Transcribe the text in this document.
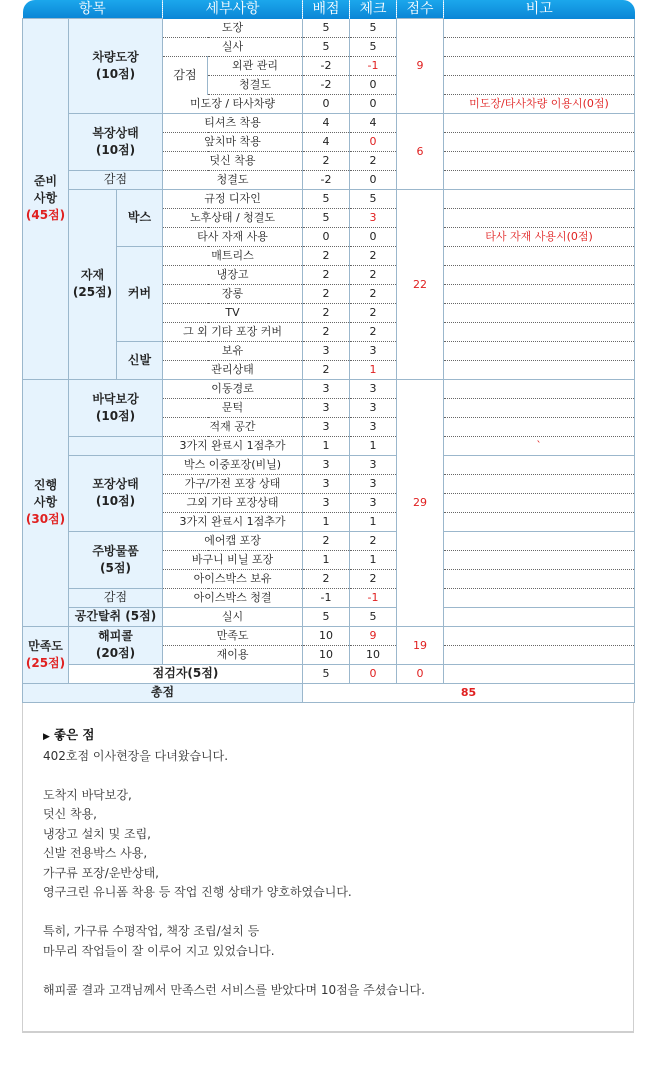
항목			세부사항		배점	체크	점수	비고
준비
사항
(45점)	차량도장
(10점)		도장		5	5	9	
			실사		5	5		
			감점	외관 관리	-2	-1		
				청결도	-2	0		
			미도장 / 타사차량		0	0		미도장/타사차량 이용시(0점)
	복장상태
(10점)		티셔츠 착용		4	4	6	
			앞치마 착용		4	0		
			덧신 착용		2	2		
	감점		청결도		-2	0		
	자재
(25점)	박스	규정 디자인		5	5	22	
			노후상태 / 청결도		5	3		
			타사 자재 사용		0	0		타사 자재 사용시(0점)
		커버	매트리스		2	2		
			냉장고		2	2		
			장롱		2	2		
			TV		2	2		
			그 외 기타 포장 커버		2	2		
		신발	보유		3	3		
			관리상태		2	1		
진행
사항
(30점)	바닥보강
(10점)		이동경로		3	3	29	
			문턱		3	3		
			적재 공간		3	3		
			3가지 완료시 1점추가		1	1		`
	포장상태
(10점)		박스 이중포장(비닐)		3	3		
			가구/가전 포장 상태		3	3		
			그외 기타 포장상태		3	3		
			3가지 완료시 1점추가		1	1		
	주방물품
(5점)		에어캡 포장		2	2		
			바구니 비닐 포장		1	1		
			아이스박스 보유		2	2		
	감점		아이스박스 청결		-1	-1		
	공간탈취 (5점)		실시		5	5		
만족도
(25점)	해피콜
(20점)		만족도		10	9	19	
			재이용		10	10		
	점검자(5점)				5	0	0	
총점					85			
▶ 좋은 점
402호점 이사현장을 다녀왔습니다.
도착지 바닥보강,
덧신 착용,
냉장고 설치 및 조립,
신발 전용박스 사용,
가구류 포장/운반상태,
영구크린 유니폼 착용 등 작업 진행 상태가 양호하였습니다.
특히, 가구류 수평작업, 책장 조립/설치 등
마무리 작업들이 잘 이루어 지고 있었습니다.
해피콜 결과 고객님께서 만족스런 서비스를 받았다며 10점을 주셨습니다.
